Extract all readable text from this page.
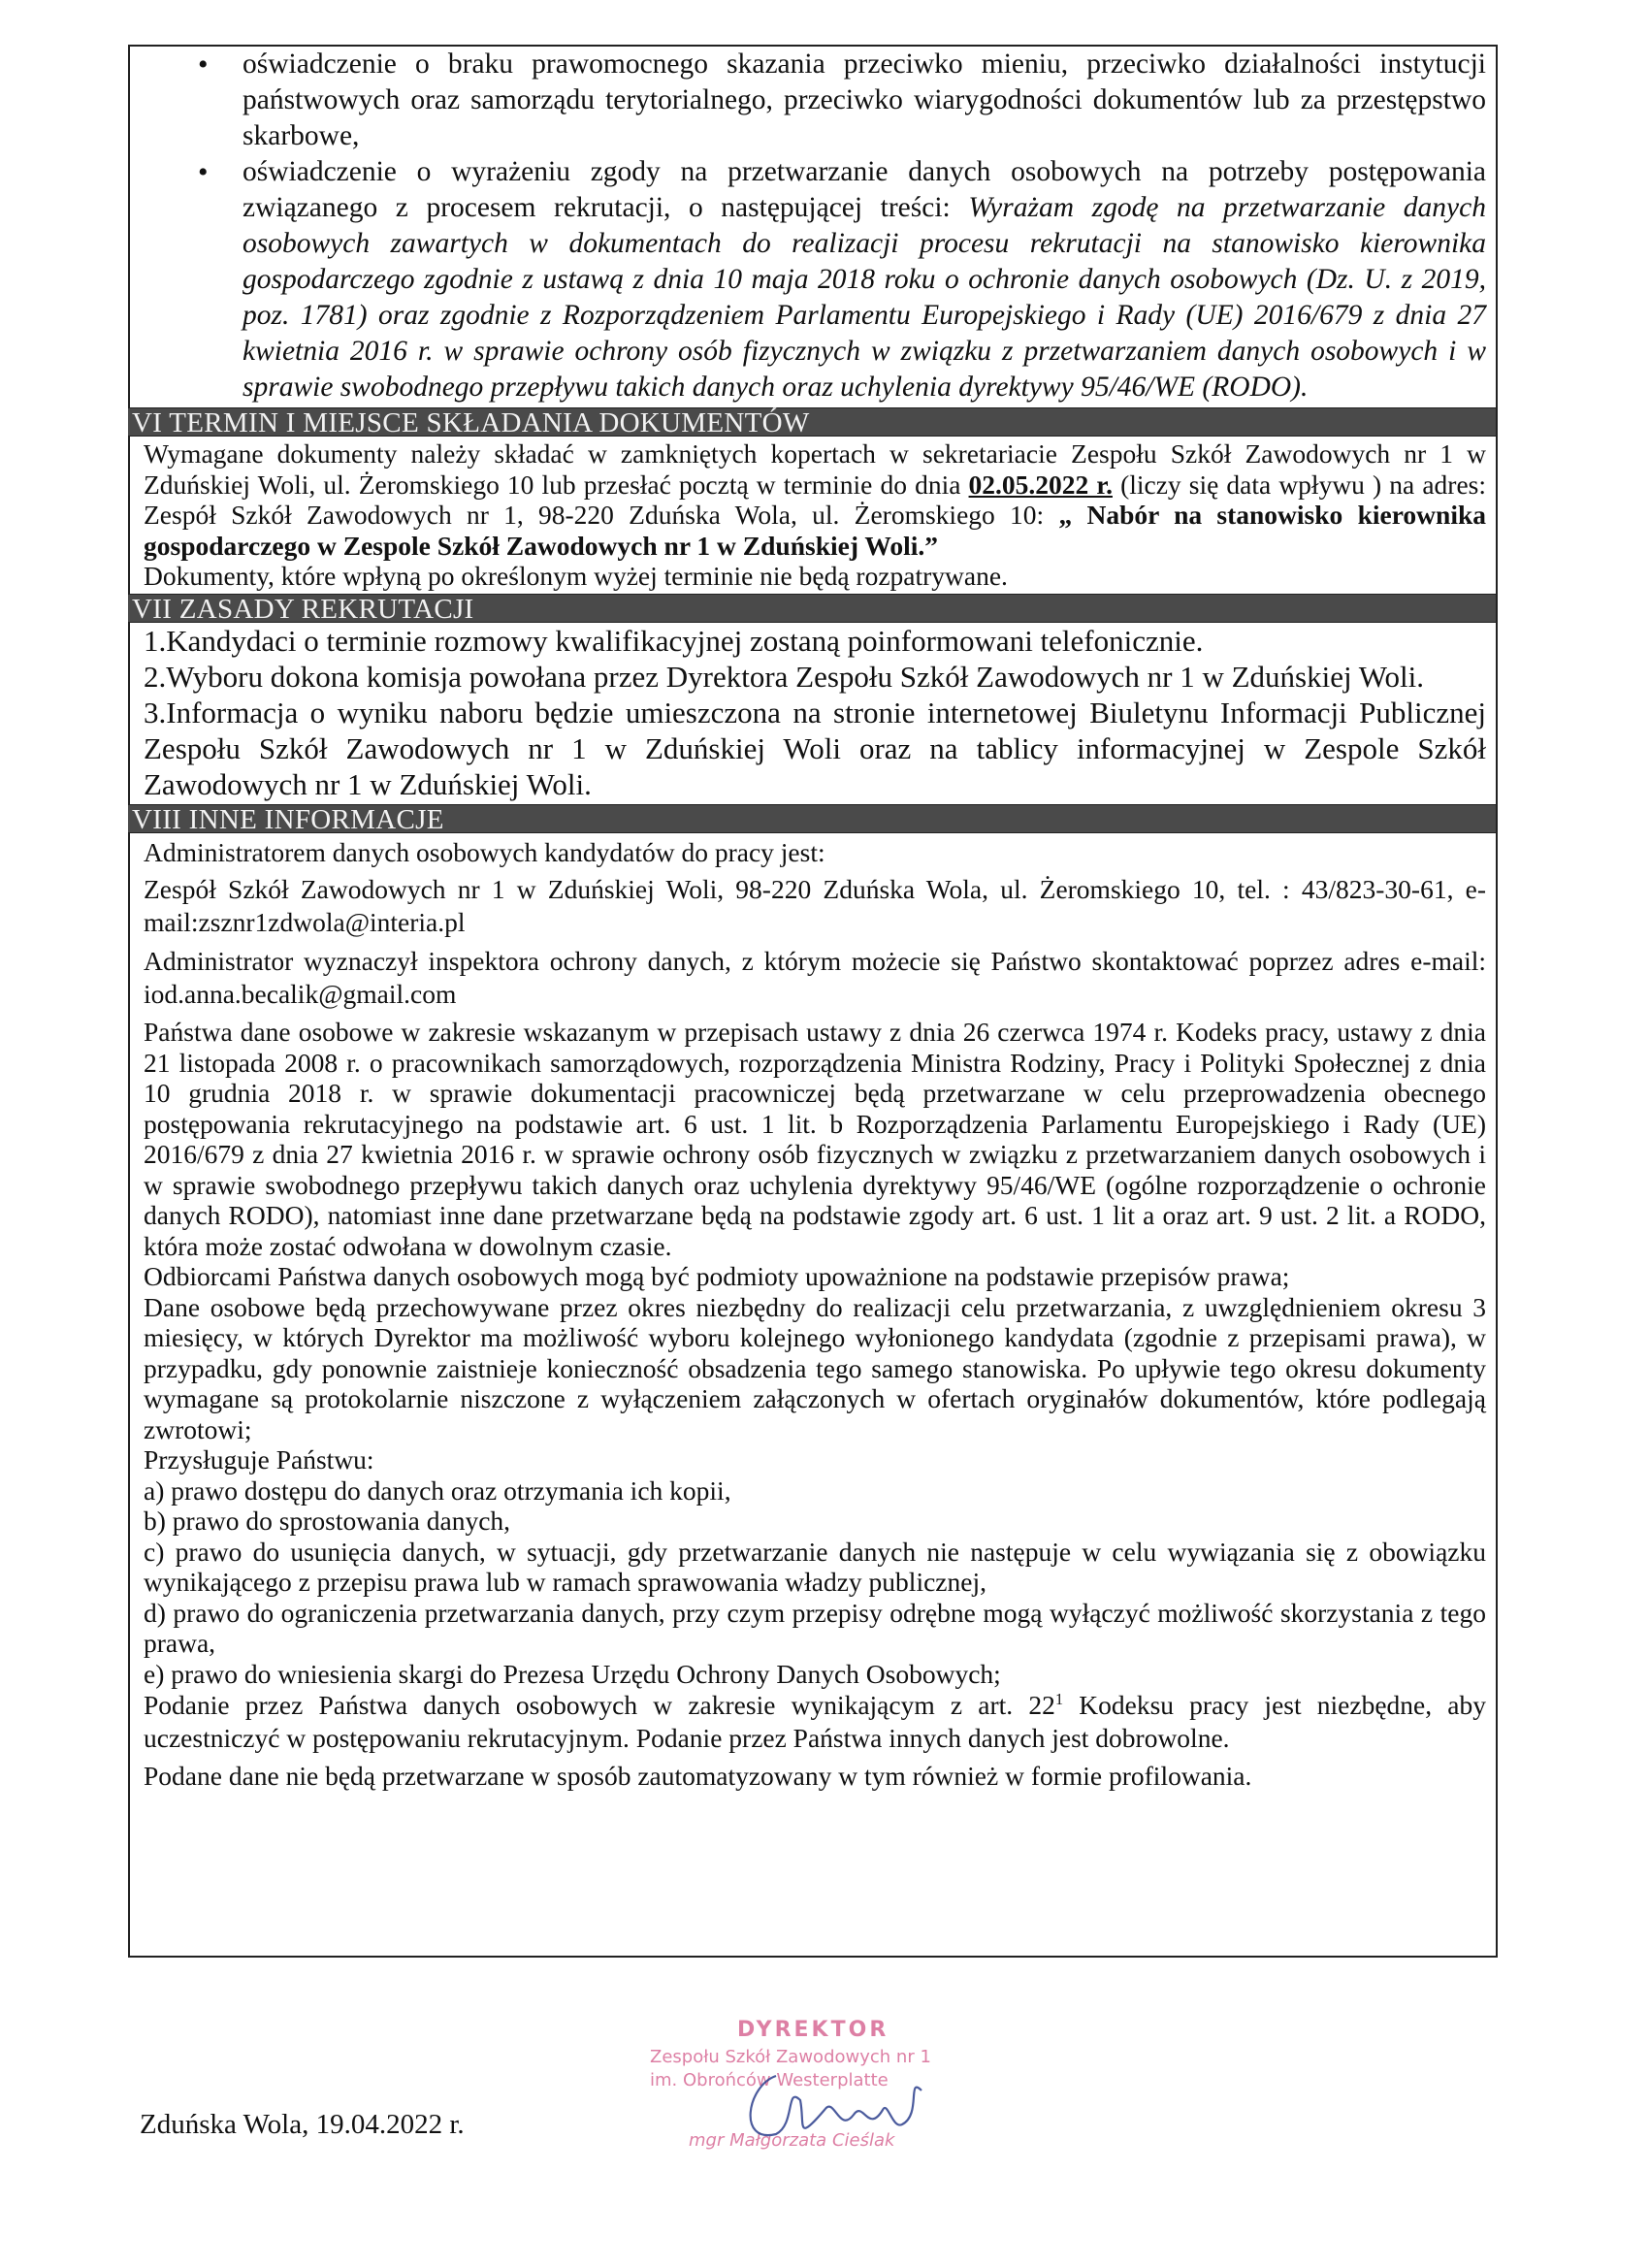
• oświadczenie o braku prawomocnego skazania przeciwko mieniu, przeciwko działalności instytucji państwowych oraz samorządu terytorialnego, przeciwko wiarygodności dokumentów lub za przestępstwo skarbowe,
• oświadczenie o wyrażeniu zgody na przetwarzanie danych osobowych na potrzeby postępowania związanego z procesem rekrutacji, o następującej treści: Wyrażam zgodę na przetwarzanie danych osobowych zawartych w dokumentach do realizacji procesu rekrutacji na stanowisko kierownika gospodarczego zgodnie z ustawą z dnia 10 maja 2018 roku o ochronie danych osobowych (Dz. U. z 2019, poz. 1781) oraz zgodnie z Rozporządzeniem Parlamentu Europejskiego i Rady (UE) 2016/679 z dnia 27 kwietnia 2016 r. w sprawie ochrony osób fizycznych w związku z przetwarzaniem danych osobowych i w sprawie swobodnego przepływu takich danych oraz uchylenia dyrektywy 95/46/WE (RODO).
VI TERMIN I MIEJSCE SKŁADANIA DOKUMENTÓW

Wymagane dokumenty należy składać w zamkniętych kopertach w sekretariacie Zespołu Szkół Zawodowych nr 1 w Zduńskiej Woli, ul. Żeromskiego 10 lub przesłać pocztą w terminie do dnia 02.05.2022 r. (liczy się data wpływu ) na adres: Zespół Szkół Zawodowych nr 1, 98-220 Zduńska Wola, ul. Żeromskiego 10: „ Nabór na stanowisko kierownika gospodarczego w Zespole Szkół Zawodowych nr 1 w Zduńskiej Woli.”

Dokumenty, które wpłyną po określonym wyżej terminie nie będą rozpatrywane.

VII ZASADY REKRUTACJI

1.Kandydaci o terminie rozmowy kwalifikacyjnej zostaną poinformowani telefonicznie.

2.Wyboru dokona komisja powołana przez Dyrektora Zespołu Szkół Zawodowych nr 1 w Zduńskiej Woli.

3.Informacja o wyniku naboru będzie umieszczona na stronie internetowej Biuletynu Informacji Publicznej Zespołu Szkół Zawodowych nr 1 w Zduńskiej Woli oraz na tablicy informacyjnej w Zespole Szkół Zawodowych nr 1 w Zduńskiej Woli.

VIII INNE INFORMACJE

Administratorem danych osobowych kandydatów do pracy jest:

Zespół Szkół Zawodowych nr 1 w Zduńskiej Woli, 98-220 Zduńska Wola, ul. Żeromskiego 10, tel. : 43/823-30-61, e-mail:zsznr1zdwola@interia.pl

Administrator wyznaczył inspektora ochrony danych, z którym możecie się Państwo skontaktować poprzez adres e-mail: iod.anna.becalik@gmail.com

Państwa dane osobowe w zakresie wskazanym w przepisach ustawy z dnia 26 czerwca 1974 r. Kodeks pracy, ustawy z dnia 21 listopada 2008 r. o pracownikach samorządowych, rozporządzenia Ministra Rodziny, Pracy i Polityki Społecznej z dnia 10 grudnia 2018 r. w sprawie dokumentacji pracowniczej będą przetwarzane w celu przeprowadzenia obecnego postępowania rekrutacyjnego na podstawie art. 6 ust. 1 lit. b Rozporządzenia Parlamentu Europejskiego i Rady (UE) 2016/679 z dnia 27 kwietnia 2016 r. w sprawie ochrony osób fizycznych w związku z przetwarzaniem danych osobowych i w sprawie swobodnego przepływu takich danych oraz uchylenia dyrektywy 95/46/WE (ogólne rozporządzenie o ochronie danych RODO), natomiast inne dane przetwarzane będą na podstawie zgody art. 6 ust. 1 lit a oraz art. 9 ust. 2 lit. a RODO, która może zostać odwołana w dowolnym czasie.

Odbiorcami Państwa danych osobowych mogą być podmioty upoważnione na podstawie przepisów prawa;

Dane osobowe będą przechowywane przez okres niezbędny do realizacji celu przetwarzania, z uwzględnieniem okresu 3 miesięcy, w których Dyrektor ma możliwość wyboru kolejnego wyłonionego kandydata (zgodnie z przepisami prawa), w przypadku, gdy ponownie zaistnieje konieczność obsadzenia tego samego stanowiska. Po upływie tego okresu dokumenty wymagane są protokolarnie niszczone z wyłączeniem załączonych w ofertach oryginałów dokumentów, które podlegają zwrotowi;

Przysługuje Państwu:

a) prawo dostępu do danych oraz otrzymania ich kopii,

b) prawo do sprostowania danych,

c) prawo do usunięcia danych, w sytuacji, gdy przetwarzanie danych nie następuje w celu wywiązania się z obowiązku wynikającego z przepisu prawa lub w ramach sprawowania władzy publicznej,

d) prawo do ograniczenia przetwarzania danych, przy czym przepisy odrębne mogą wyłączyć możliwość skorzystania z tego prawa,

e) prawo do wniesienia skargi do Prezesa Urzędu Ochrony Danych Osobowych;

Podanie przez Państwa danych osobowych w zakresie wynikającym z art. $22^1$ Kodeksu pracy jest niezbędne, aby uczestniczyć w postępowaniu rekrutacyjnym. Podanie przez Państwa innych danych jest dobrowolne.

Podane dane nie będą przetwarzane w sposób zautomatyzowany w tym również w formie profilowania.

Zduńska Wola, 19.04.2022 r.
DYREKTOR
Zespołu Szkół Zawodowych nr 1
im. Obrońców Westerplatte
mgr Małgorzata Cieślak
